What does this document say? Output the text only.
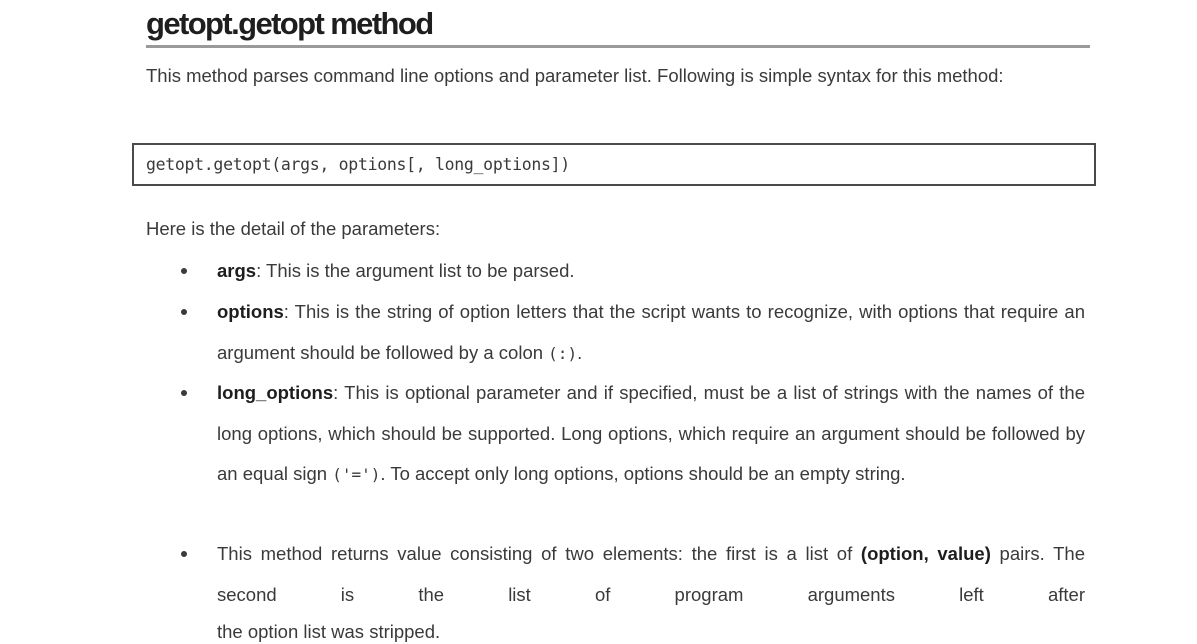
getopt.getopt method
This method parses command line options and parameter list. Following is simple syntax for this method:
getopt.getopt(args, options[, long_options])
Here is the detail of the parameters:
args: This is the argument list to be parsed.
options: This is the string of option letters that the script wants to recognize, with options that require an argument should be followed by a colon (:).
long_options: This is optional parameter and if specified, must be a list of strings with the names of the long options, which should be supported. Long options, which require an argument should be followed by an equal sign ('='). To accept only long options, options should be an empty string.
This method returns value consisting of two elements: the first is a list of (option, value) pairs. The second is the list of program arguments left after
the option list was stripped.
